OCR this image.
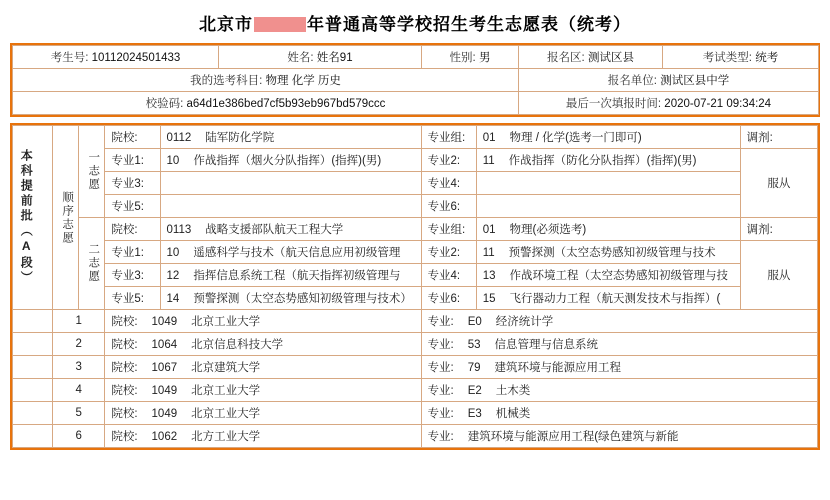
北京市	年普通高等学校招生考生志愿表（统考）
考生号: 10112024501433	姓名: 姓名91	性别: 男	报名区: 测试区县	考试类型: 统考
我的选考科目: 物理 化学 历史			报名单位: 测试区县中学	
校验码: a64d1e386bed7cf5b93eb967bd579ccc			最后一次填报时间: 2020-07-21 09:34:24	
本科提前批（A段）	顺序志愿	一志愿	院校:	0112 陆军防化学院	专业组:	01 物理 / 化学(选考一门即可)	调剂:
			专业1:	10 作战指挥（烟火分队指挥）(指挥)(男)	专业2:	11 作战指挥（防化分队指挥）(指挥)(男)	服从
			专业3:		专业4:		
			专业5:		专业6:		

		二志愿	院校:	0113 战略支援部队航天工程大学	专业组:	01 物理(必须选考)	调剂:
			专业1:	10 遥感科学与技术（航天信息应用初级管理	专业2:	11 预警探测（太空态势感知初级管理与技术	服从
			专业3:	12 指挥信息系统工程（航天指挥初级管理与	专业4:	13 作战环境工程（太空态势感知初级管理与技	
			专业5:	14 预警探测（太空态势感知初级管理与技术）	专业6:	15 飞行器动力工程（航天测发技术与指挥）(	
	1		院校: 1049 北京工业大学		专业: E0 经济统计学		
	2		院校: 1064 北京信息科技大学		专业: 53 信息管理与信息系统		
	3		院校: 1067 北京建筑大学		专业: 79 建筑环境与能源应用工程		
	4		院校: 1049 北京工业大学		专业: E2 土木类		
	5		院校: 1049 北京工业大学		专业: E3 机械类		
	6		院校: 1062 北方工业大学		专业: 建筑环境与能源应用工程(绿色建筑与新能		
